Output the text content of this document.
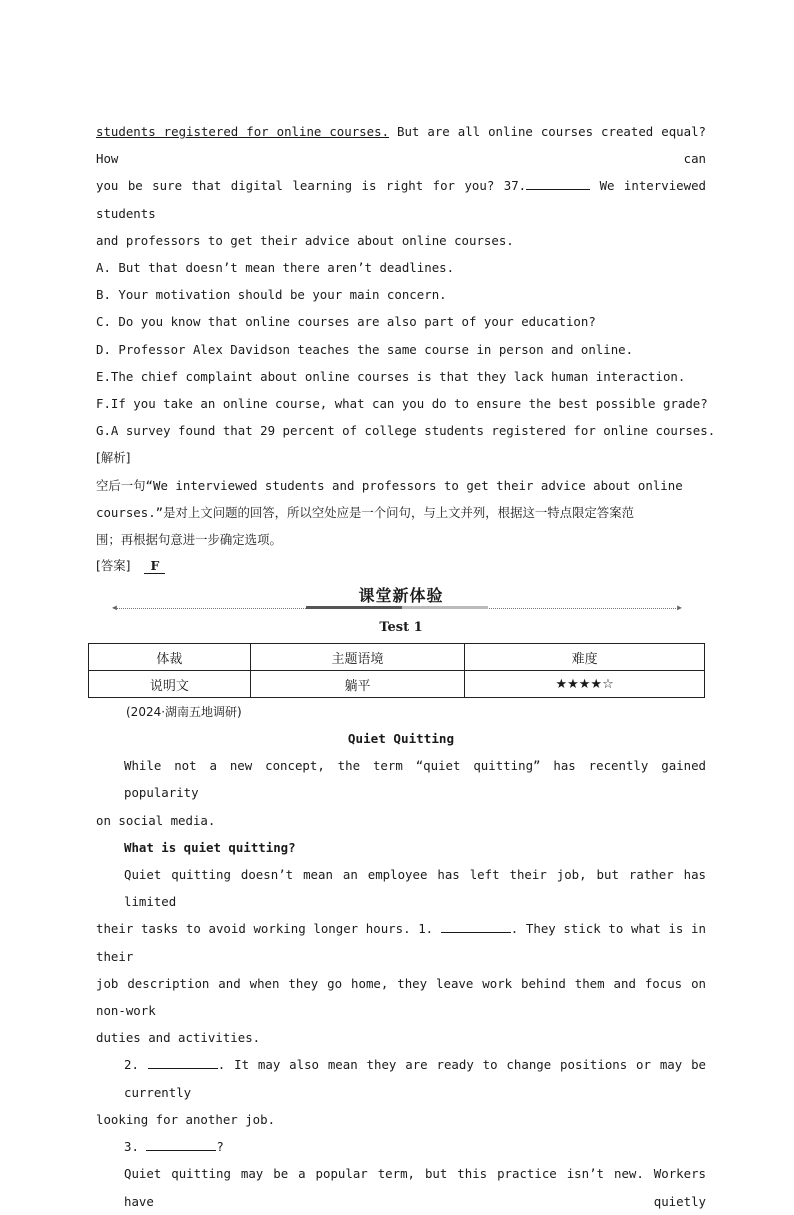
students registered for online courses. But are all online courses created equal? How can
you be sure that digital learning is right for you? 37.	We interviewed students
and professors to get their advice about online courses.
A. But that doesn’t mean there aren’t deadlines.
B. Your motivation should be your main concern.
C. Do you know that online courses are also part of your education?
D. Professor Alex Davidson teaches the same course in person and online.
E.The chief complaint about online courses is that they lack human interaction.
F.If you take an online course, what can you do to ensure the best possible grade?
G.A survey found that 29 percent of college students registered for online courses.
[解析]
空后一句“We interviewed students and professors to get their advice about online
courses.”是对上文问题的回答，所以空处应是一个问句，与上文并列，根据这一特点限定答案范
围；再根据句意进一步确定选项。
[答案] F
◀	▶
课堂新体验
Test 1
体裁	主题语境	难度
说明文	躺平	★★★★☆
(2024·湖南五地调研)
Quiet Quitting
While not a new concept, the term “quiet quitting” has recently gained popularity
on social media.
What is quiet quitting?
Quiet quitting doesn’t mean an employee has left their job, but rather has limited
their tasks to avoid working longer hours. 1.	. They stick to what is in their
job description and when they go home, they leave work behind them and focus on non-work
duties and activities.
2.	. It may also mean they are ready to change positions or may be currently
looking for another job.
3.	?
Quiet quitting may be a popular term, but this practice isn’t new. Workers have quietly
